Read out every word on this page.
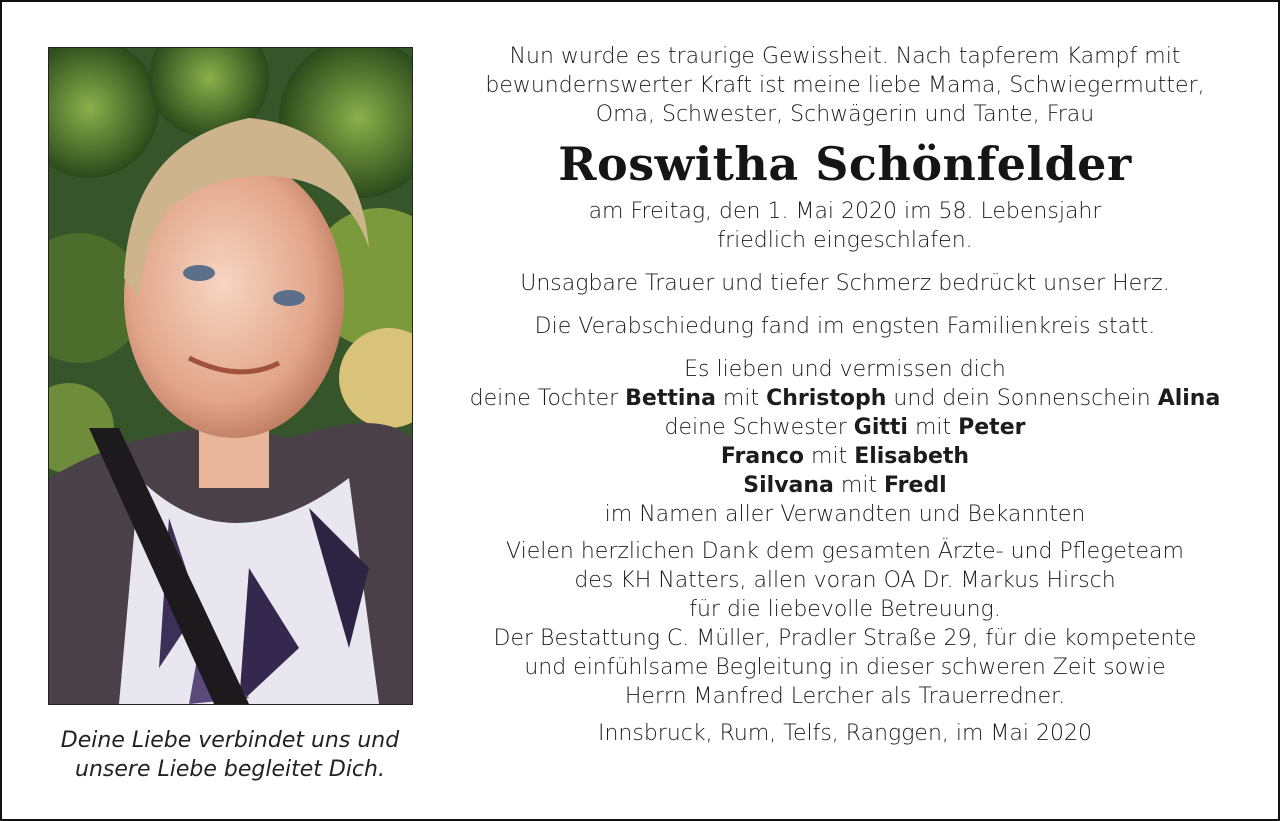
Deine Liebe verbindet uns und
unsere Liebe begleitet Dich.
Nun wurde es traurige Gewissheit. Nach tapferem Kampf mit
bewundernswerter Kraft ist meine liebe Mama, Schwiegermutter,
Oma, Schwester, Schwägerin und Tante, Frau
Roswitha Schönfelder
am Freitag, den 1. Mai 2020 im 58. Lebensjahr
friedlich eingeschlafen.
Unsagbare Trauer und tiefer Schmerz bedrückt unser Herz.
Die Verabschiedung fand im engsten Familienkreis statt.
Es lieben und vermissen dich
deine Tochter Bettina mit Christoph und dein Sonnenschein Alina
deine Schwester Gitti mit Peter
Franco mit Elisabeth
Silvana mit Fredl
im Namen aller Verwandten und Bekannten
Vielen herzlichen Dank dem gesamten Ärzte- und Pflegeteam
des KH Natters, allen voran OA Dr. Markus Hirsch
für die liebevolle Betreuung.
Der Bestattung C. Müller, Pradler Straße 29, für die kompetente
und einfühlsame Begleitung in dieser schweren Zeit sowie
Herrn Manfred Lercher als Trauerredner.
Innsbruck, Rum, Telfs, Ranggen, im Mai 2020
